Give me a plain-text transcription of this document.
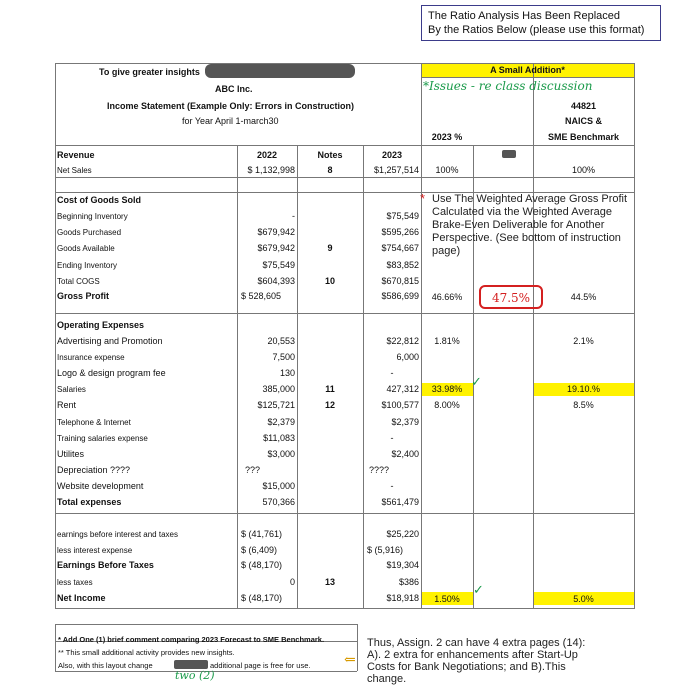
The Ratio Analysis Has Been Replaced
By the Ratios Below (please use this format)
To give greater insights
ABC Inc.
Income Statement (Example Only: Errors in Construction)
for Year April 1-march30
A Small Addition*
*Issues - re class discussion
44821
NAICS &
SME Benchmark
2023 %
Revenue	2022	Notes	2023
Net Sales	$ 1,132,998	8	$1,257,514	100%	100%
Cost of Goods Sold
Beginning Inventory	-	$75,549
Goods Purchased	$679,942	$595,266
Goods Available	$679,942	9	$754,667
Ending Inventory	$75,549	$83,852
Total COGS	$604,393	10	$670,815
Gross Profit	$ 528,605	$586,699	46.66%	47.5%	44.5%
* Use The Weighted Average Gross Profit
Calculated via the Weighted Average
Brake-Even Deliverable for Another
Perspective. (See bottom of instruction
page)
Operating Expenses
Advertising and Promotion	20,553	$22,812	1.81%	2.1%
Insurance expense	7,500	6,000
Logo & design program fee	130	-
Salaries	385,000	11	427,312	33.98%	19.10.%
Rent	$125,721	12	$100,577	8.00%	8.5%
Telephone & Internet	$2,379	$2,379
Training salaries expense	$11,083	-
Utilites	$3,000	$2,400
Depreciation ????	???	????
Website development	$15,000	-
Total expenses	570,366	$561,479
✓
earnings before interest and taxes	$ (41,761)	$25,220
less interest expense	$ (6,409)	$ (5,916)
Earnings Before Taxes	$ (48,170)	$19,304
less taxes	0	13	$386
Net Income	$ (48,170)	$18,918	1.50%	5.0%
✓
* Add One (1) brief comment comparing 2023 Forecast to SME Benchmark.
** This small additional activity provides new insights.
Also, with this layout change	additional page is free for use.
two (2)
⇐
Thus, Assign. 2 can have 4 extra pages (14):
A). 2 extra for enhancements after Start-Up
Costs for Bank Negotiations; and B).This
change.
